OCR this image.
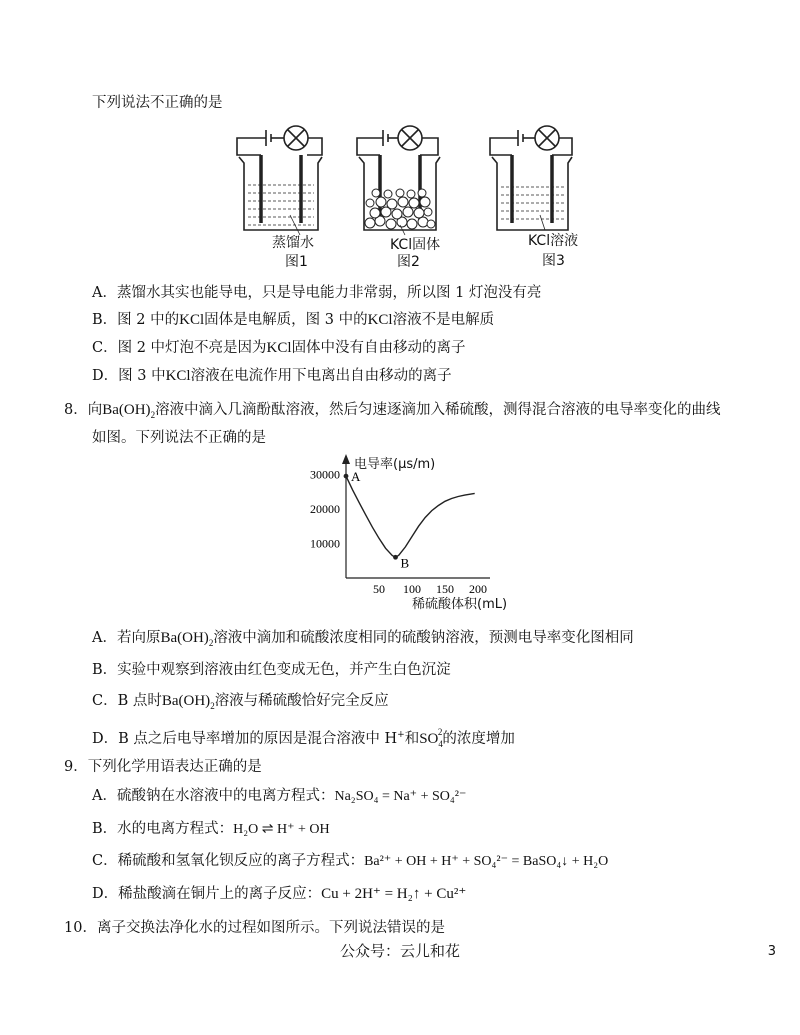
下列说法不正确的是
蒸馏水
图1
KCl固体
图2
KCl溶液
图3
A．蒸馏水其实也能导电，只是导电能力非常弱，所以图 1 灯泡没有亮
B．图 2 中的KCl固体是电解质，图 3 中的KCl溶液不是电解质
C．图 2 中灯泡不亮是因为KCl固体中没有自由移动的离子
D．图 3 中KCl溶液在电流作用下电离出自由移动的离子
8．向$Ba(OH)_2$溶液中滴入几滴酚酞溶液，然后匀速逐滴加入稀硫酸，测得混合溶液的电导率变化的曲线
如图。下列说法不正确的是
10000
20000
30000
50 100 150 200
A
B
电导率(μs/m)
稀硫酸体积(mL)
A．若向原$Ba(OH)_2$溶液中滴加和硫酸浓度相同的硫酸钠溶液，预测电导率变化图相同
B．实验中观察到溶液由红色变成无色，并产生白色沉淀
C．B 点时$Ba(OH)_2$溶液与稀硫酸恰好完全反应
D．B 点之后电导率增加的原因是混合溶液中 H+和$SO_4^2$的浓度增加
9．下列化学用语表达正确的是
A．硫酸钠在水溶液中的电离方程式：Na₂SO₄ = Na⁺ + SO₄²⁻
B．水的电离方程式：H₂O ⇌ H⁺ + OH
C．稀硫酸和氢氧化钡反应的离子方程式：Ba²⁺ + OH + H⁺ + SO₄²⁻ = BaSO₄↓ + H₂O
D．稀盐酸滴在铜片上的离子反应：Cu + 2H⁺ = H₂↑ + Cu²⁺
10．离子交换法净化水的过程如图所示。下列说法错误的是
公众号：云儿和花	3
